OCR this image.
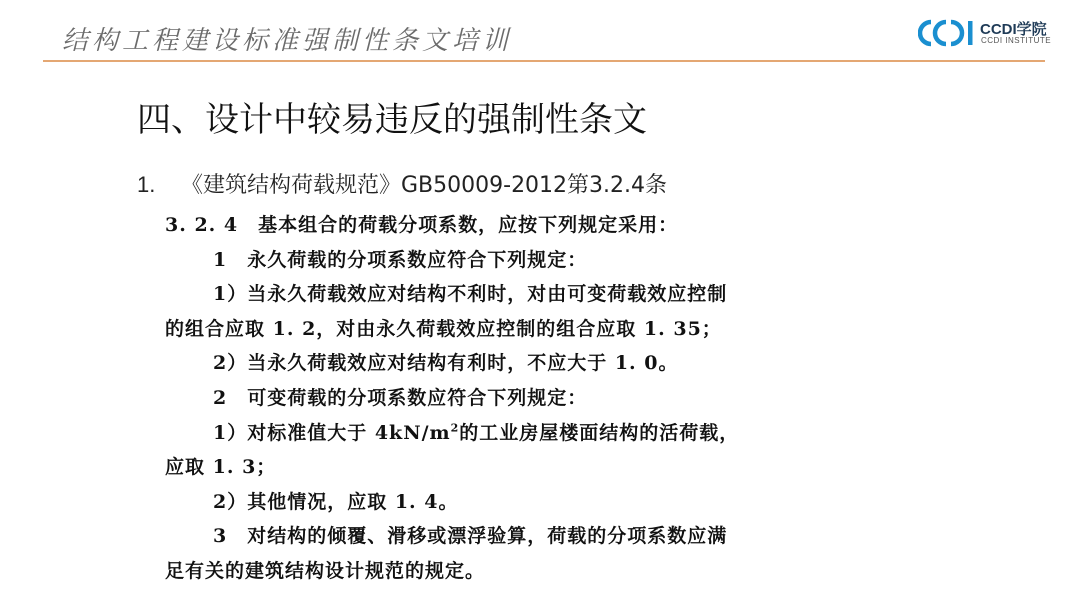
结构工程建设标准强制性条文培训	CCDI学院
CCDI INSTITUTE
四、设计中较易违反的强制性条文
1. 《建筑结构荷载规范》GB50009-2012第3.2.4条
3. 2. 4　基本组合的荷载分项系数，应按下列规定采用：
1　永久荷载的分项系数应符合下列规定：
1）当永久荷载效应对结构不利时，对由可变荷载效应控制
的组合应取 1. 2，对由永久荷载效应控制的组合应取 1. 35；
2）当永久荷载效应对结构有利时，不应大于 1. 0。
2　可变荷载的分项系数应符合下列规定：
1）对标准值大于 $4kN/m^2$的工业房屋楼面结构的活荷载，
应取 1. 3；
2）其他情况，应取 1. 4。
3　对结构的倾覆、滑移或漂浮验算，荷载的分项系数应满
足有关的建筑结构设计规范的规定。
